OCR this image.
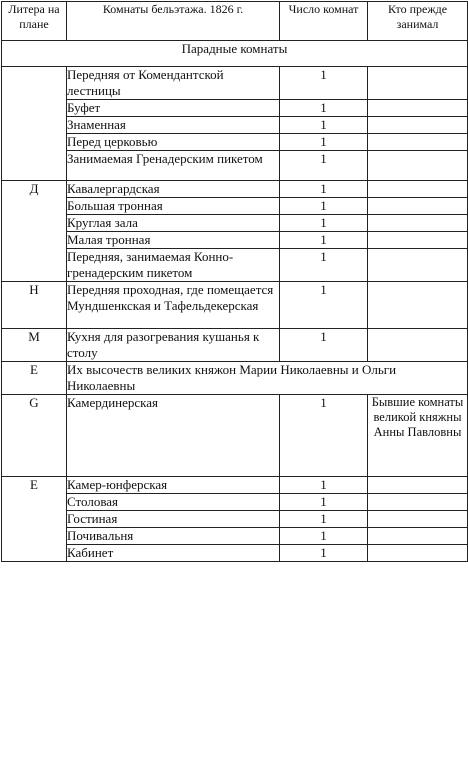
Литера на плане	Комнаты бельэтажа. 1826 г.	Число комнат	Кто прежде занимал
Парадные комнаты			
	Передняя от Комендантской лестницы	1	
	Буфет	1	
	Знаменная	1	
	Перед церковью	1	
	Занимаемая Гренадерским пикетом	1	
Д	Кавалергардская	1	
	Большая тронная	1	
	Круглая зала	1	
	Малая тронная	1	
	Передняя, занимаемая Конно-гренадерским пикетом	1	
Н	Передняя проходная, где помещается Мундшенкская и Тафельдекерская	1	
М	Кухня для разогревания кушанья к столу	1	
Е	Их высочеств великих княжон Марии Николаевны и Ольги Николаевны		
G	Камердинерская	1	Бывшие комнаты великой княжны Анны Павловны
Е	Камер-юнферская	1	
	Столовая	1	
	Гостиная	1	
	Почивальня	1	
	Кабинет	1	
